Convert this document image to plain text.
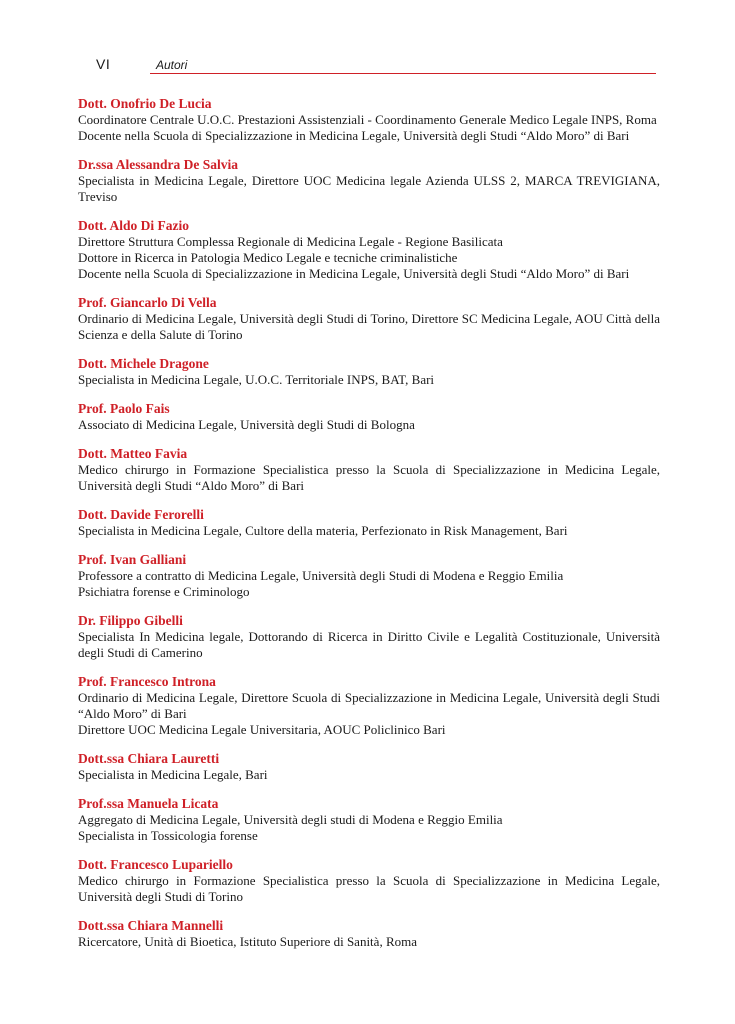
VI	Autori
Dott. Onofrio De Lucia
Coordinatore Centrale U.O.C. Prestazioni Assistenziali - Coordinamento Generale Medico Legale INPS, Roma
Docente nella Scuola di Specializzazione in Medicina Legale, Università degli Studi “Aldo Moro” di Bari
Dr.ssa Alessandra De Salvia
Specialista in Medicina Legale, Direttore UOC Medicina legale Azienda ULSS 2, MARCA TREVIGIANA, Treviso
Dott. Aldo Di Fazio
Direttore Struttura Complessa Regionale di Medicina Legale - Regione Basilicata
Dottore in Ricerca in Patologia Medico Legale e tecniche criminalistiche
Docente nella Scuola di Specializzazione in Medicina Legale, Università degli Studi “Aldo Moro” di Bari
Prof. Giancarlo Di Vella
Ordinario di Medicina Legale, Università degli Studi di Torino, Direttore SC Medicina Legale, AOU Città della Scienza e della Salute di Torino
Dott. Michele Dragone
Specialista in Medicina Legale, U.O.C. Territoriale INPS, BAT, Bari
Prof. Paolo Fais
Associato di Medicina Legale, Università degli Studi di Bologna
Dott. Matteo Favia
Medico chirurgo in Formazione Specialistica presso la Scuola di Specializzazione in Medicina Legale, Università degli Studi “Aldo Moro” di Bari
Dott. Davide Ferorelli
Specialista in Medicina Legale, Cultore della materia, Perfezionato in Risk Management, Bari
Prof. Ivan Galliani
Professore a contratto di Medicina Legale, Università degli Studi di Modena e Reggio Emilia
Psichiatra forense e Criminologo
Dr. Filippo Gibelli
Specialista In Medicina legale, Dottorando di Ricerca in Diritto Civile e Legalità Costituzionale, Università degli Studi di Camerino
Prof. Francesco Introna
Ordinario di Medicina Legale, Direttore Scuola di Specializzazione in Medicina Legale, Università degli Studi “Aldo Moro” di Bari
Direttore UOC Medicina Legale Universitaria, AOUC Policlinico Bari
Dott.ssa Chiara Lauretti
Specialista in Medicina Legale, Bari
Prof.ssa Manuela Licata
Aggregato di Medicina Legale, Università degli studi di Modena e Reggio Emilia
Specialista in Tossicologia forense
Dott. Francesco Lupariello
Medico chirurgo in Formazione Specialistica presso la Scuola di Specializzazione in Medicina Legale, Università degli Studi di Torino
Dott.ssa Chiara Mannelli
Ricercatore, Unità di Bioetica, Istituto Superiore di Sanità, Roma
